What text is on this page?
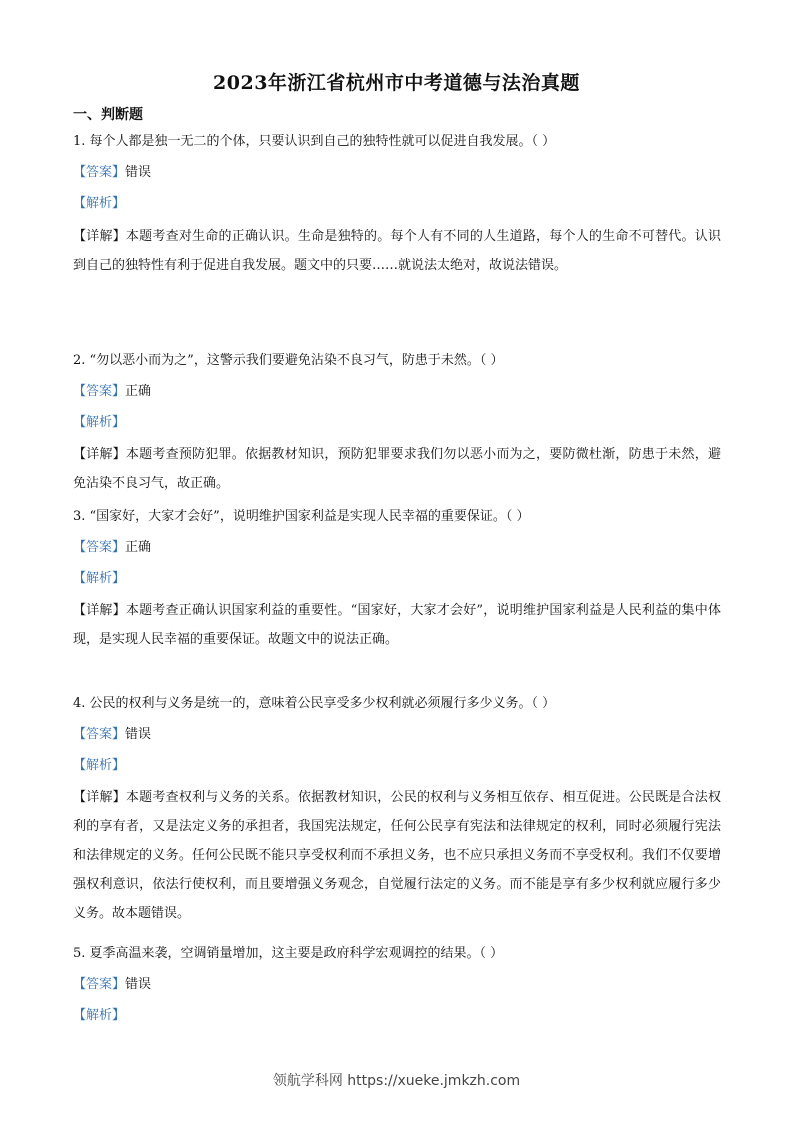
2023年浙江省杭州市中考道德与法治真题
一、判断题
1. 每个人都是独一无二的个体，只要认识到自己的独特性就可以促进自我发展。（ ）
【答案】错误
【解析】
【详解】本题考查对生命的正确认识。生命是独特的。每个人有不同的人生道路，每个人的生命不可替代。认识到自己的独特性有利于促进自我发展。题文中的只要……就说法太绝对，故说法错误。
2. “勿以恶小而为之”，这警示我们要避免沾染不良习气，防患于未然。（ ）
【答案】正确
【解析】
【详解】本题考查预防犯罪。依据教材知识，预防犯罪要求我们勿以恶小而为之，要防微杜渐，防患于未然，避免沾染不良习气，故正确。
3. “国家好，大家才会好”，说明维护国家利益是实现人民幸福的重要保证。（ ）
【答案】正确
【解析】
【详解】本题考查正确认识国家利益的重要性。“国家好，大家才会好”，说明维护国家利益是人民利益的集中体现，是实现人民幸福的重要保证。故题文中的说法正确。
4. 公民的权利与义务是统一的，意味着公民享受多少权利就必须履行多少义务。（ ）
【答案】错误
【解析】
【详解】本题考查权利与义务的关系。依据教材知识，公民的权利与义务相互依存、相互促进。公民既是合法权利的享有者，又是法定义务的承担者，我国宪法规定，任何公民享有宪法和法律规定的权利，同时必须履行宪法和法律规定的义务。任何公民既不能只享受权利而不承担义务，也不应只承担义务而不享受权利。我们不仅要增强权利意识，依法行使权利，而且要增强义务观念，自觉履行法定的义务。而不能是享有多少权利就应履行多少义务。故本题错误。
5. 夏季高温来袭，空调销量增加，这主要是政府科学宏观调控的结果。（ ）
【答案】错误
【解析】
领航学科网 https://xueke.jmkzh.com
